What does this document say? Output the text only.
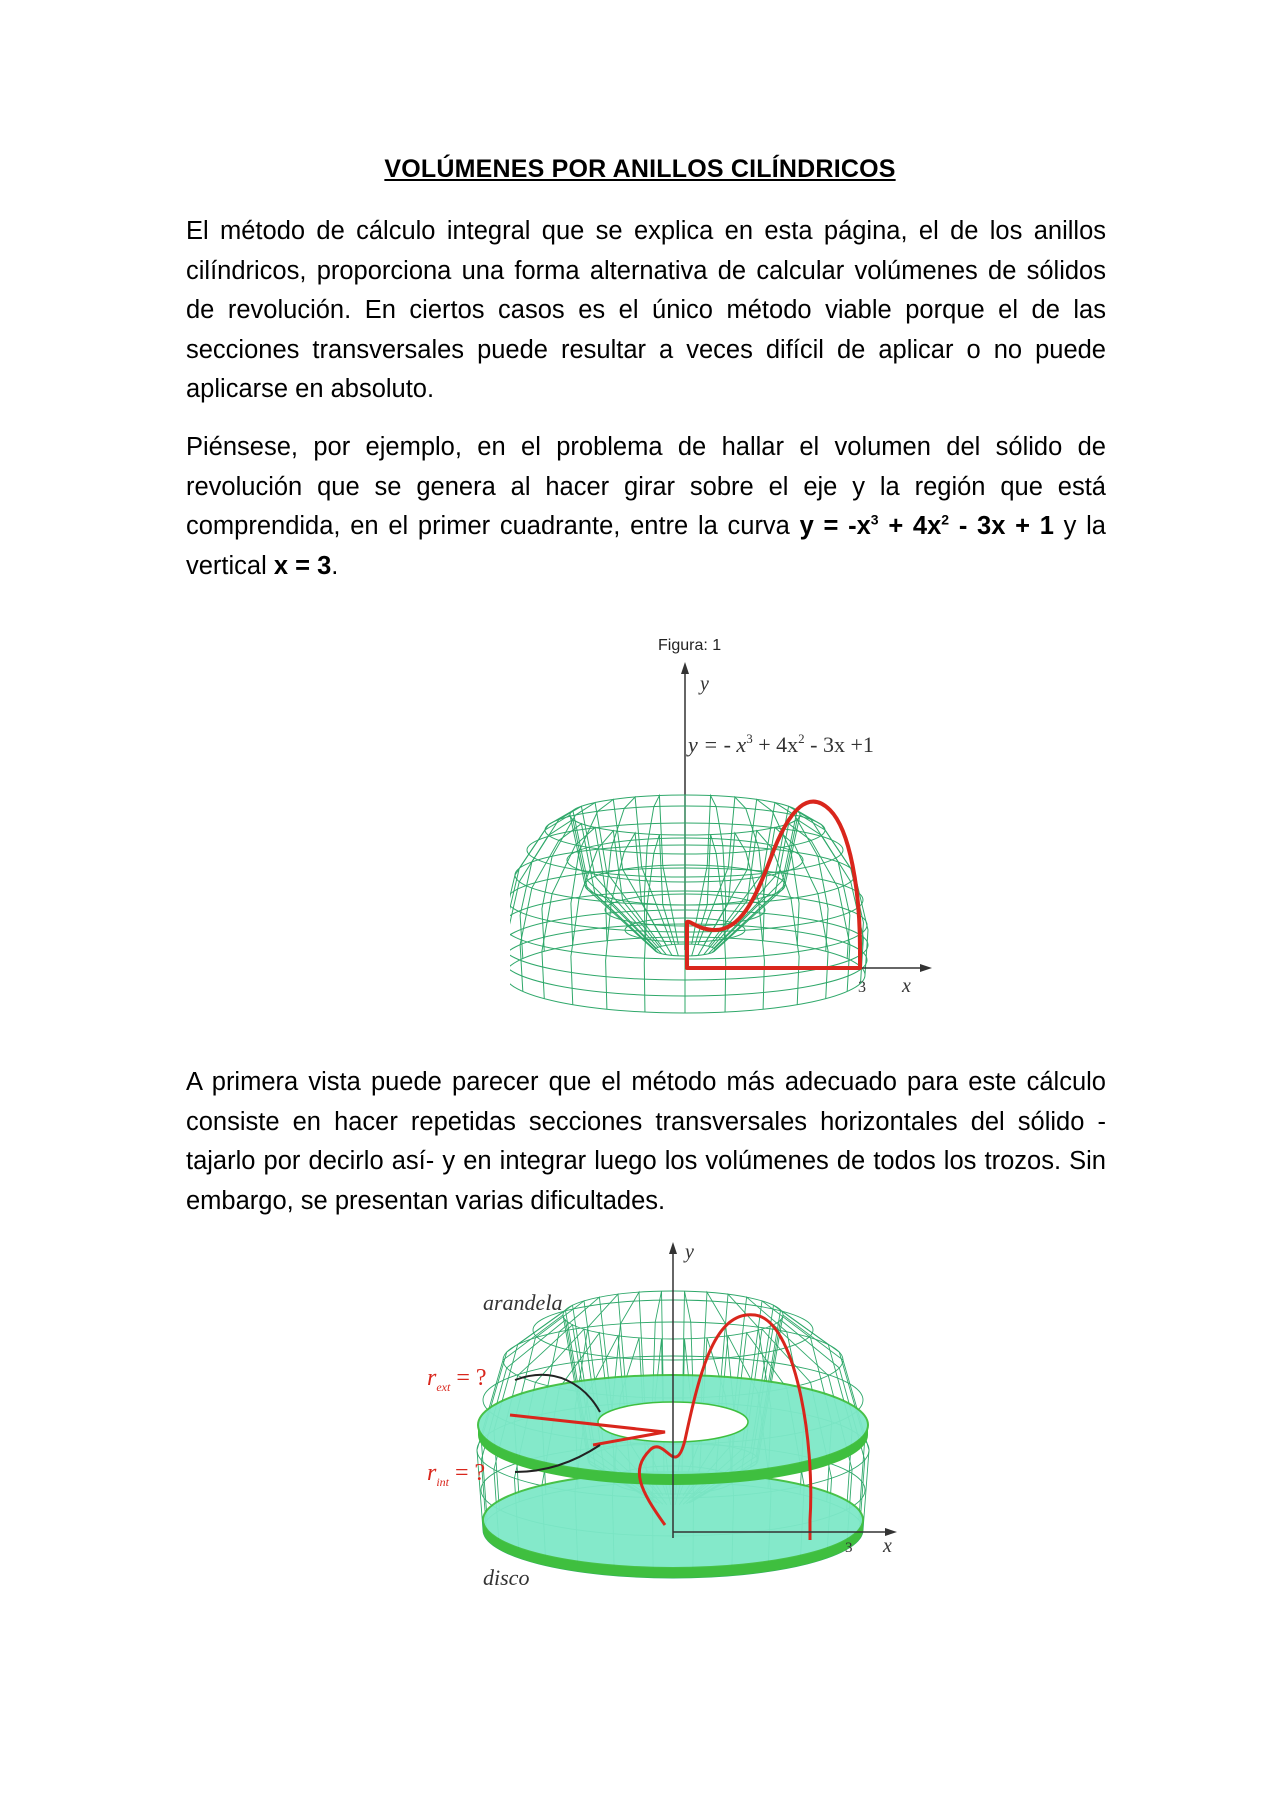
VOLÚMENES POR ANILLOS CILÍNDRICOS

El método de cálculo integral que se explica en esta página, el de los anillos cilíndricos, proporciona una forma alternativa de calcular volúmenes de sólidos de revolución. En ciertos casos es el único método viable porque el de las secciones transversales puede resultar a veces difícil de aplicar o no puede aplicarse en absoluto.

Piénsese, por ejemplo, en el problema de hallar el volumen del sólido de revolución que se genera al hacer girar sobre el eje y la región que está comprendida, en el primer cuadrante, entre la curva $y = -x^3 + 4x^2 - 3x + 1$ y la vertical x = 3.

Figura: 1
y
y = - $x^3 + 4x^2 - 3x +1$
3 x

A primera vista puede parecer que el método más adecuado para este cálculo consiste en hacer repetidas secciones transversales horizontales del sólido - tajarlo por decirlo así- y en integrar luego los volúmenes de todos los trozos. Sin embargo, se presentan varias dificultades.

y
3 x
arandela
disco
$r_{ext}$ = ?
$r_{int}$ = ?
